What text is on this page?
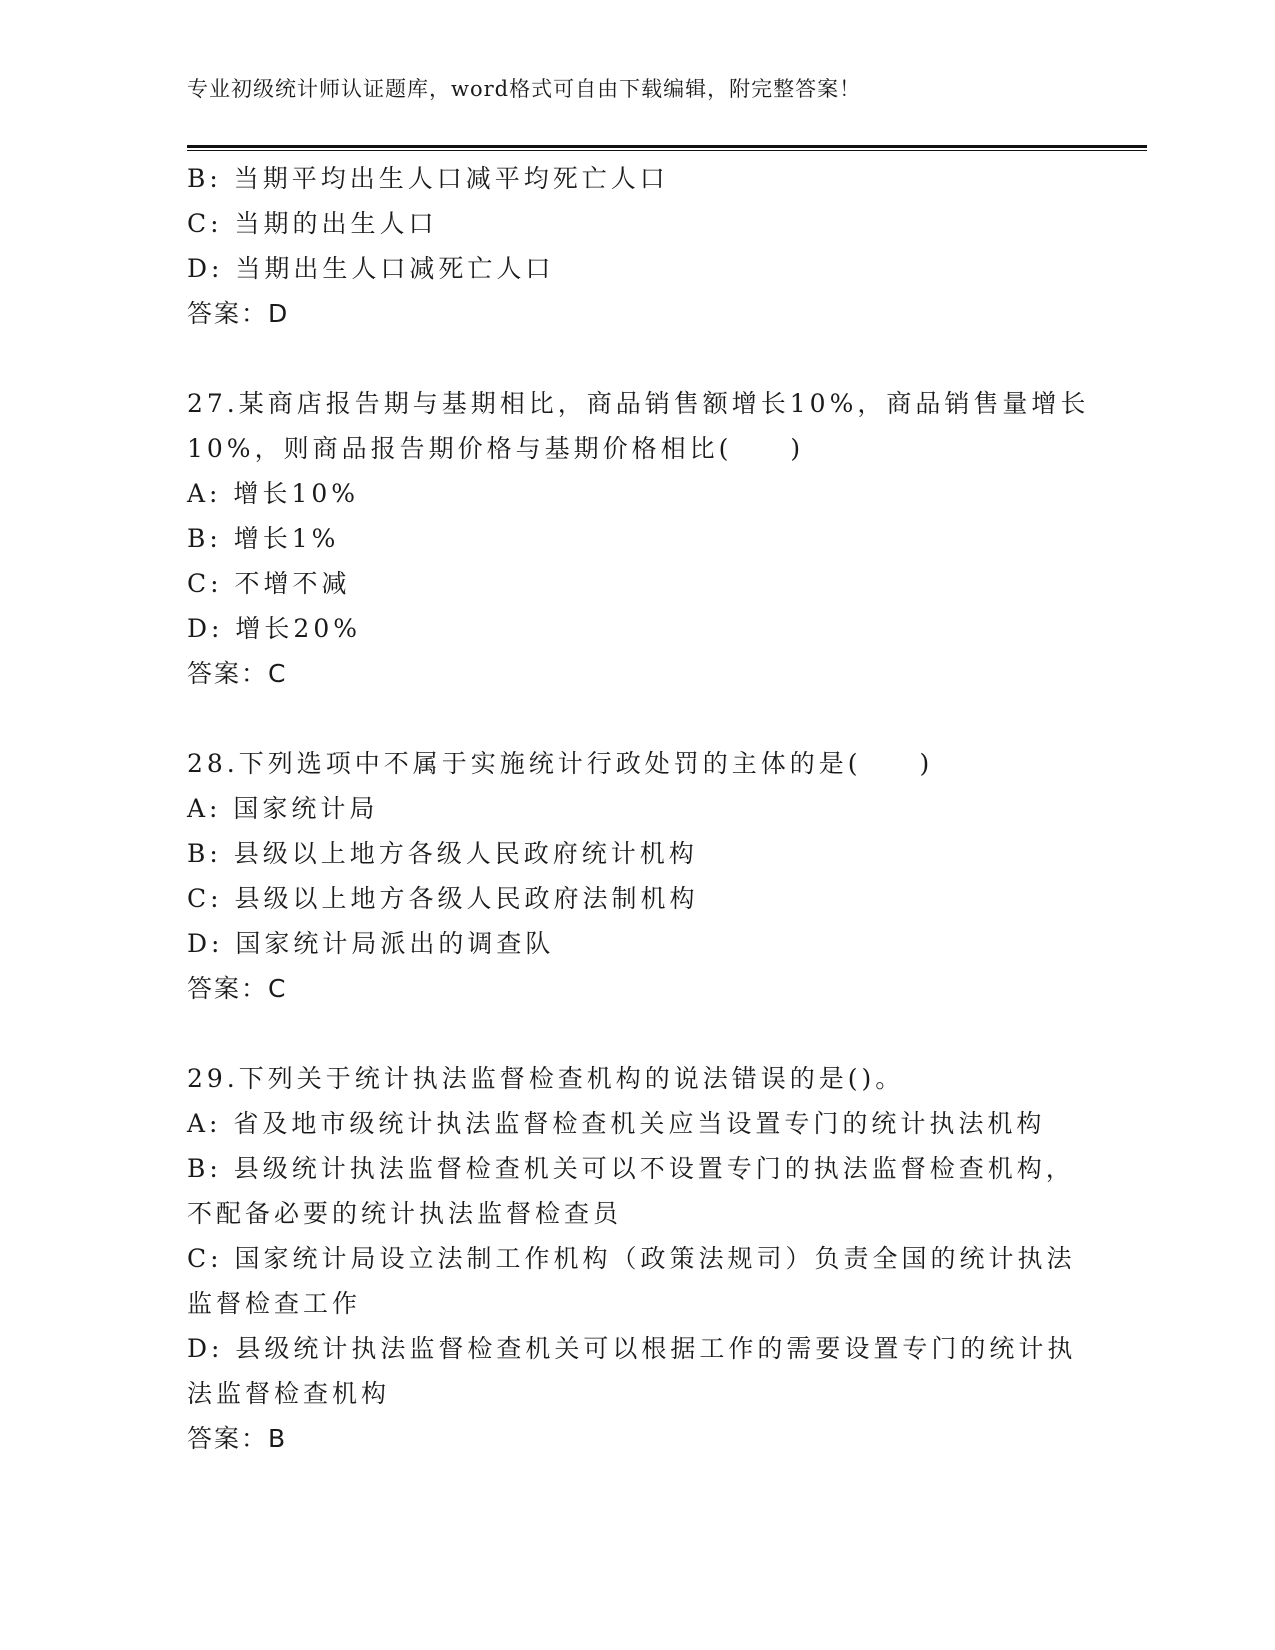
专业初级统计师认证题库，word格式可自由下载编辑，附完整答案！
B: 当期平均出生人口减平均死亡人口
C: 当期的出生人口
D: 当期出生人口减死亡人口
答案：D
27.某商店报告期与基期相比，商品销售额增长10%，商品销售量增长
10%，则商品报告期价格与基期价格相比(　　)
A: 增长10%
B: 增长1%
C: 不增不减
D: 增长20%
答案：C
28.下列选项中不属于实施统计行政处罚的主体的是(　　)
A: 国家统计局
B: 县级以上地方各级人民政府统计机构
C: 县级以上地方各级人民政府法制机构
D: 国家统计局派出的调查队
答案：C
29.下列关于统计执法监督检查机构的说法错误的是()。
A: 省及地市级统计执法监督检查机关应当设置专门的统计执法机构
B: 县级统计执法监督检查机关可以不设置专门的执法监督检查机构，
不配备必要的统计执法监督检查员
C: 国家统计局设立法制工作机构（政策法规司）负责全国的统计执法
监督检查工作
D: 县级统计执法监督检查机关可以根据工作的需要设置专门的统计执
法监督检查机构
答案：B
